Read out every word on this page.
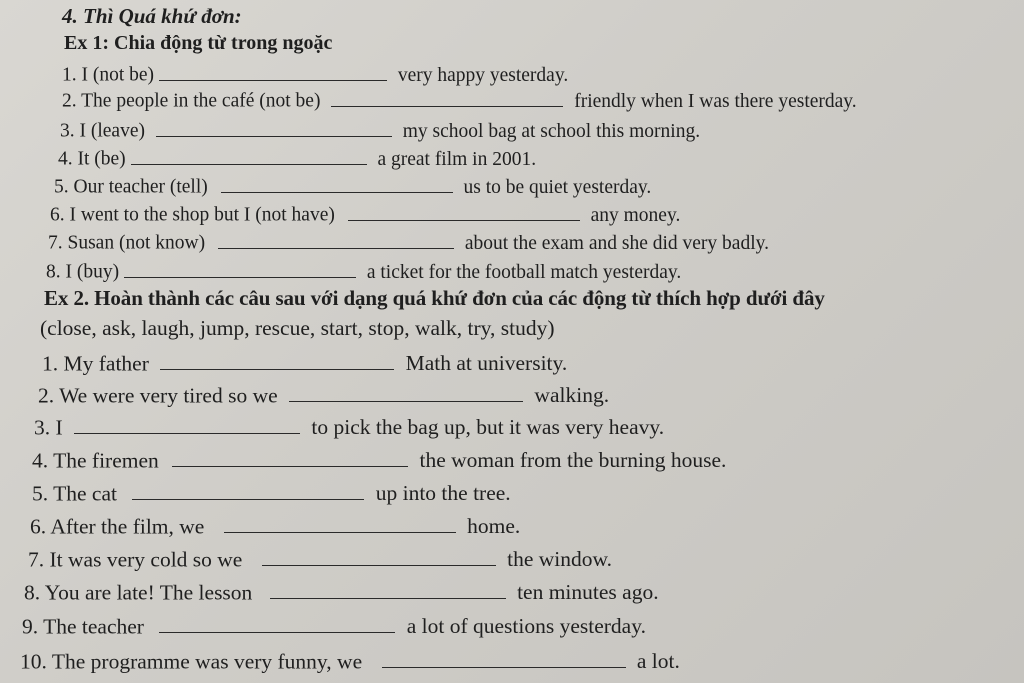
4. Thì Quá khứ đơn:
Ex 1: Chia động từ trong ngoặc
1. I (not be)	very happy yesterday.
2. The people in the café (not be)	friendly when I was there yesterday.
3. I (leave)	my school bag at school this morning.
4. It (be)	a great film in 2001.
5. Our teacher (tell)	us to be quiet yesterday.
6. I went to the shop but I (not have)	any money.
7. Susan (not know)	about the exam and she did very badly.
8. I (buy)	a ticket for the football match yesterday.
Ex 2. Hoàn thành các câu sau với dạng quá khứ đơn của các động từ thích hợp dưới đây
(close, ask, laugh, jump, rescue, start, stop, walk, try, study)
1. My father	Math at university.
2. We were very tired so we	walking.
3. I	to pick the bag up, but it was very heavy.
4. The firemen	the woman from the burning house.
5. The cat	up into the tree.
6. After the film, we	home.
7. It was very cold so we	the window.
8. You are late! The lesson	ten minutes ago.
9. The teacher	a lot of questions yesterday.
10. The programme was very funny, we	a lot.
